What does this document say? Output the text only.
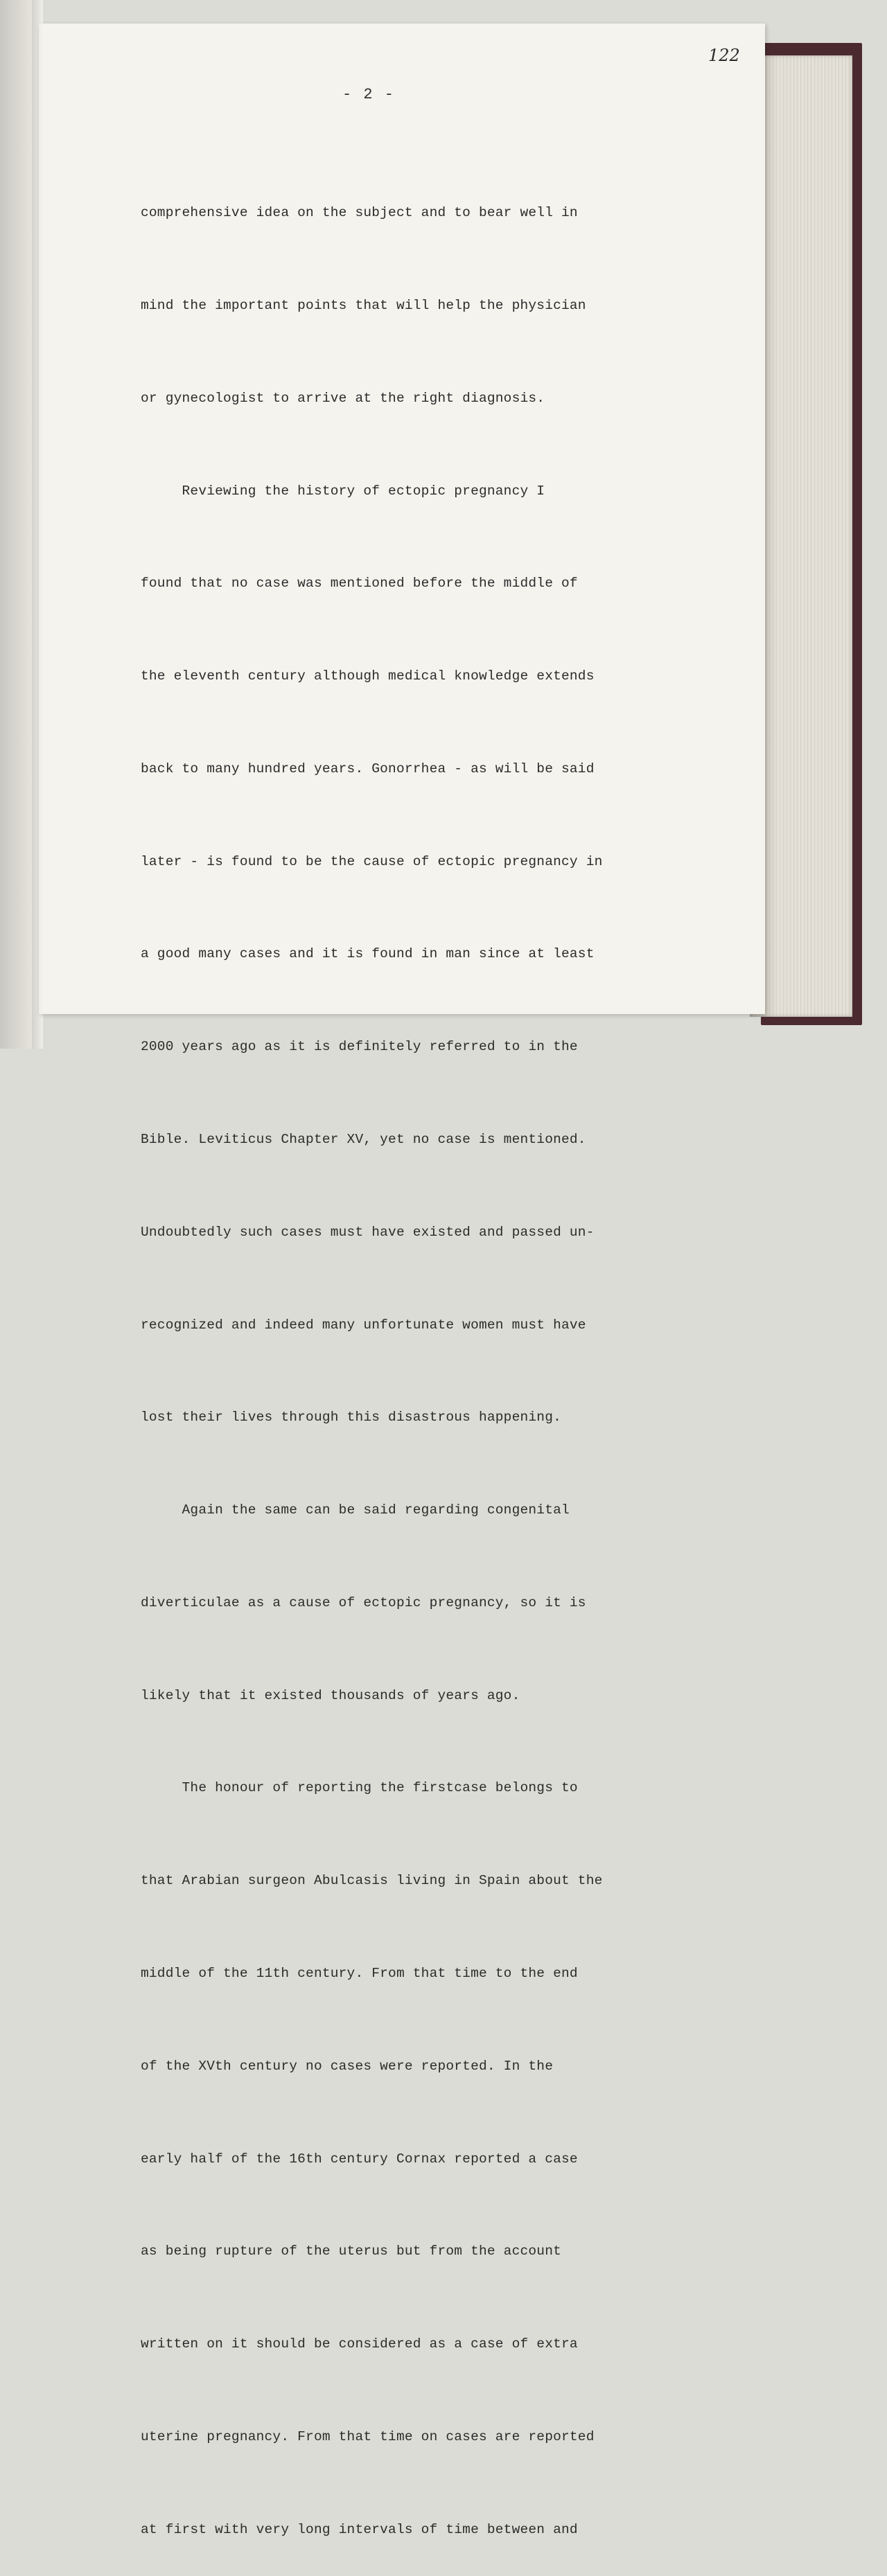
122
- 2 -

comprehensive idea on the subject and to bear well in

mind the important points that will help the physician

or gynecologist to arrive at the right diagnosis.

Reviewing the history of ectopic pregnancy I

found that no case was mentioned before the middle of

the eleventh century although medical knowledge extends

back to many hundred years. Gonorrhea - as will be said

later - is found to be the cause of ectopic pregnancy in

a good many cases and it is found in man since at least

2000 years ago as it is definitely referred to in the

Bible. Leviticus Chapter XV, yet no case is mentioned.

Undoubtedly such cases must have existed and passed un-

recognized and indeed many unfortunate women must have

lost their lives through this disastrous happening.

Again the same can be said regarding congenital

diverticulae as a cause of ectopic pregnancy, so it is

likely that it existed thousands of years ago.

The honour of reporting the firstcase belongs to

that Arabian surgeon Abulcasis living in Spain about the

middle of the 11th century. From that time to the end

of the XVth century no cases were reported. In the

early half of the 16th century Cornax reported a case

as being rupture of the uterus but from the account

written on it should be considered as a case of extra

uterine pregnancy. From that time on cases are reported

at first with very long intervals of time between and
